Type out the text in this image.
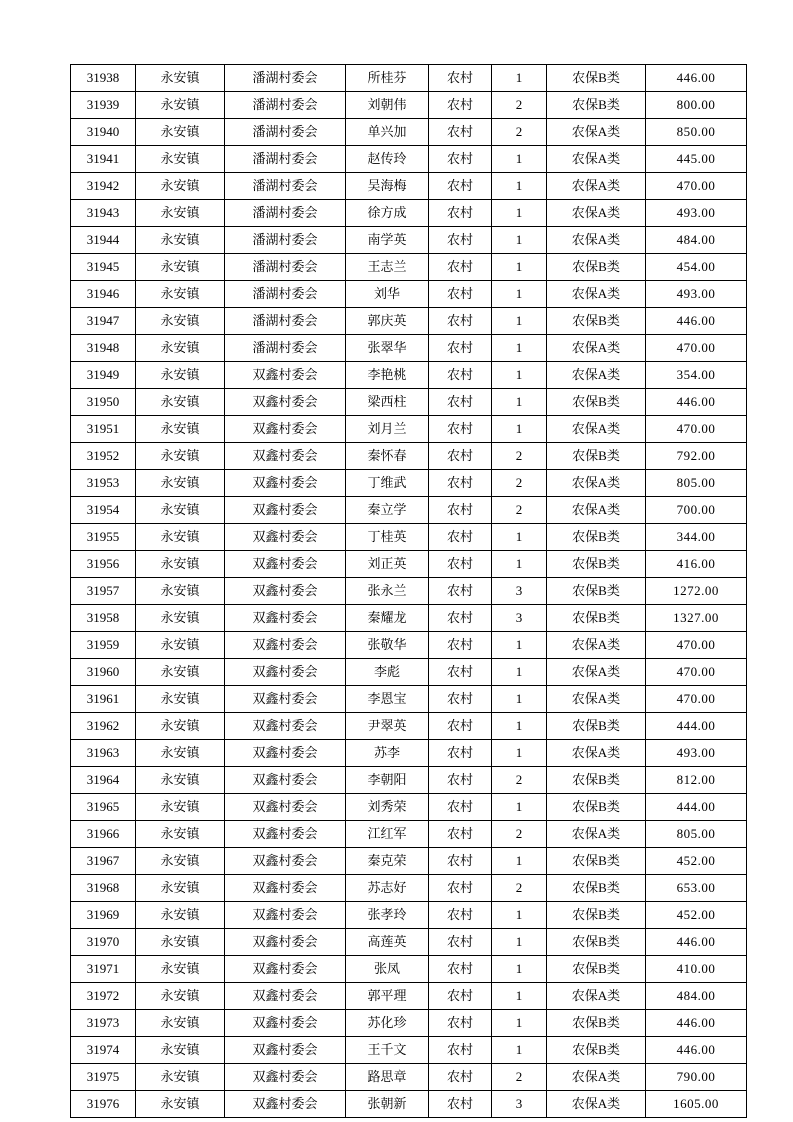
31938	永安镇	潘湖村委会	所桂芬	农村	1	农保B类	446.00
31939	永安镇	潘湖村委会	刘朝伟	农村	2	农保B类	800.00
31940	永安镇	潘湖村委会	单兴加	农村	2	农保A类	850.00
31941	永安镇	潘湖村委会	赵传玲	农村	1	农保A类	445.00
31942	永安镇	潘湖村委会	吴海梅	农村	1	农保A类	470.00
31943	永安镇	潘湖村委会	徐方成	农村	1	农保A类	493.00
31944	永安镇	潘湖村委会	南学英	农村	1	农保A类	484.00
31945	永安镇	潘湖村委会	王志兰	农村	1	农保B类	454.00
31946	永安镇	潘湖村委会	刘华	农村	1	农保A类	493.00
31947	永安镇	潘湖村委会	郭庆英	农村	1	农保B类	446.00
31948	永安镇	潘湖村委会	张翠华	农村	1	农保A类	470.00
31949	永安镇	双鑫村委会	李艳桃	农村	1	农保A类	354.00
31950	永安镇	双鑫村委会	梁西柱	农村	1	农保B类	446.00
31951	永安镇	双鑫村委会	刘月兰	农村	1	农保A类	470.00
31952	永安镇	双鑫村委会	秦怀春	农村	2	农保B类	792.00
31953	永安镇	双鑫村委会	丁维武	农村	2	农保A类	805.00
31954	永安镇	双鑫村委会	秦立学	农村	2	农保A类	700.00
31955	永安镇	双鑫村委会	丁桂英	农村	1	农保B类	344.00
31956	永安镇	双鑫村委会	刘正英	农村	1	农保B类	416.00
31957	永安镇	双鑫村委会	张永兰	农村	3	农保B类	1272.00
31958	永安镇	双鑫村委会	秦耀龙	农村	3	农保B类	1327.00
31959	永安镇	双鑫村委会	张敬华	农村	1	农保A类	470.00
31960	永安镇	双鑫村委会	李彪	农村	1	农保A类	470.00
31961	永安镇	双鑫村委会	李恩宝	农村	1	农保A类	470.00
31962	永安镇	双鑫村委会	尹翠英	农村	1	农保B类	444.00
31963	永安镇	双鑫村委会	苏李	农村	1	农保A类	493.00
31964	永安镇	双鑫村委会	李朝阳	农村	2	农保B类	812.00
31965	永安镇	双鑫村委会	刘秀荣	农村	1	农保B类	444.00
31966	永安镇	双鑫村委会	江红军	农村	2	农保A类	805.00
31967	永安镇	双鑫村委会	秦克荣	农村	1	农保B类	452.00
31968	永安镇	双鑫村委会	苏志好	农村	2	农保B类	653.00
31969	永安镇	双鑫村委会	张孝玲	农村	1	农保B类	452.00
31970	永安镇	双鑫村委会	高莲英	农村	1	农保B类	446.00
31971	永安镇	双鑫村委会	张凤	农村	1	农保B类	410.00
31972	永安镇	双鑫村委会	郭平理	农村	1	农保A类	484.00
31973	永安镇	双鑫村委会	苏化珍	农村	1	农保B类	446.00
31974	永安镇	双鑫村委会	王千文	农村	1	农保B类	446.00
31975	永安镇	双鑫村委会	路思章	农村	2	农保A类	790.00
31976	永安镇	双鑫村委会	张朝新	农村	3	农保A类	1605.00
